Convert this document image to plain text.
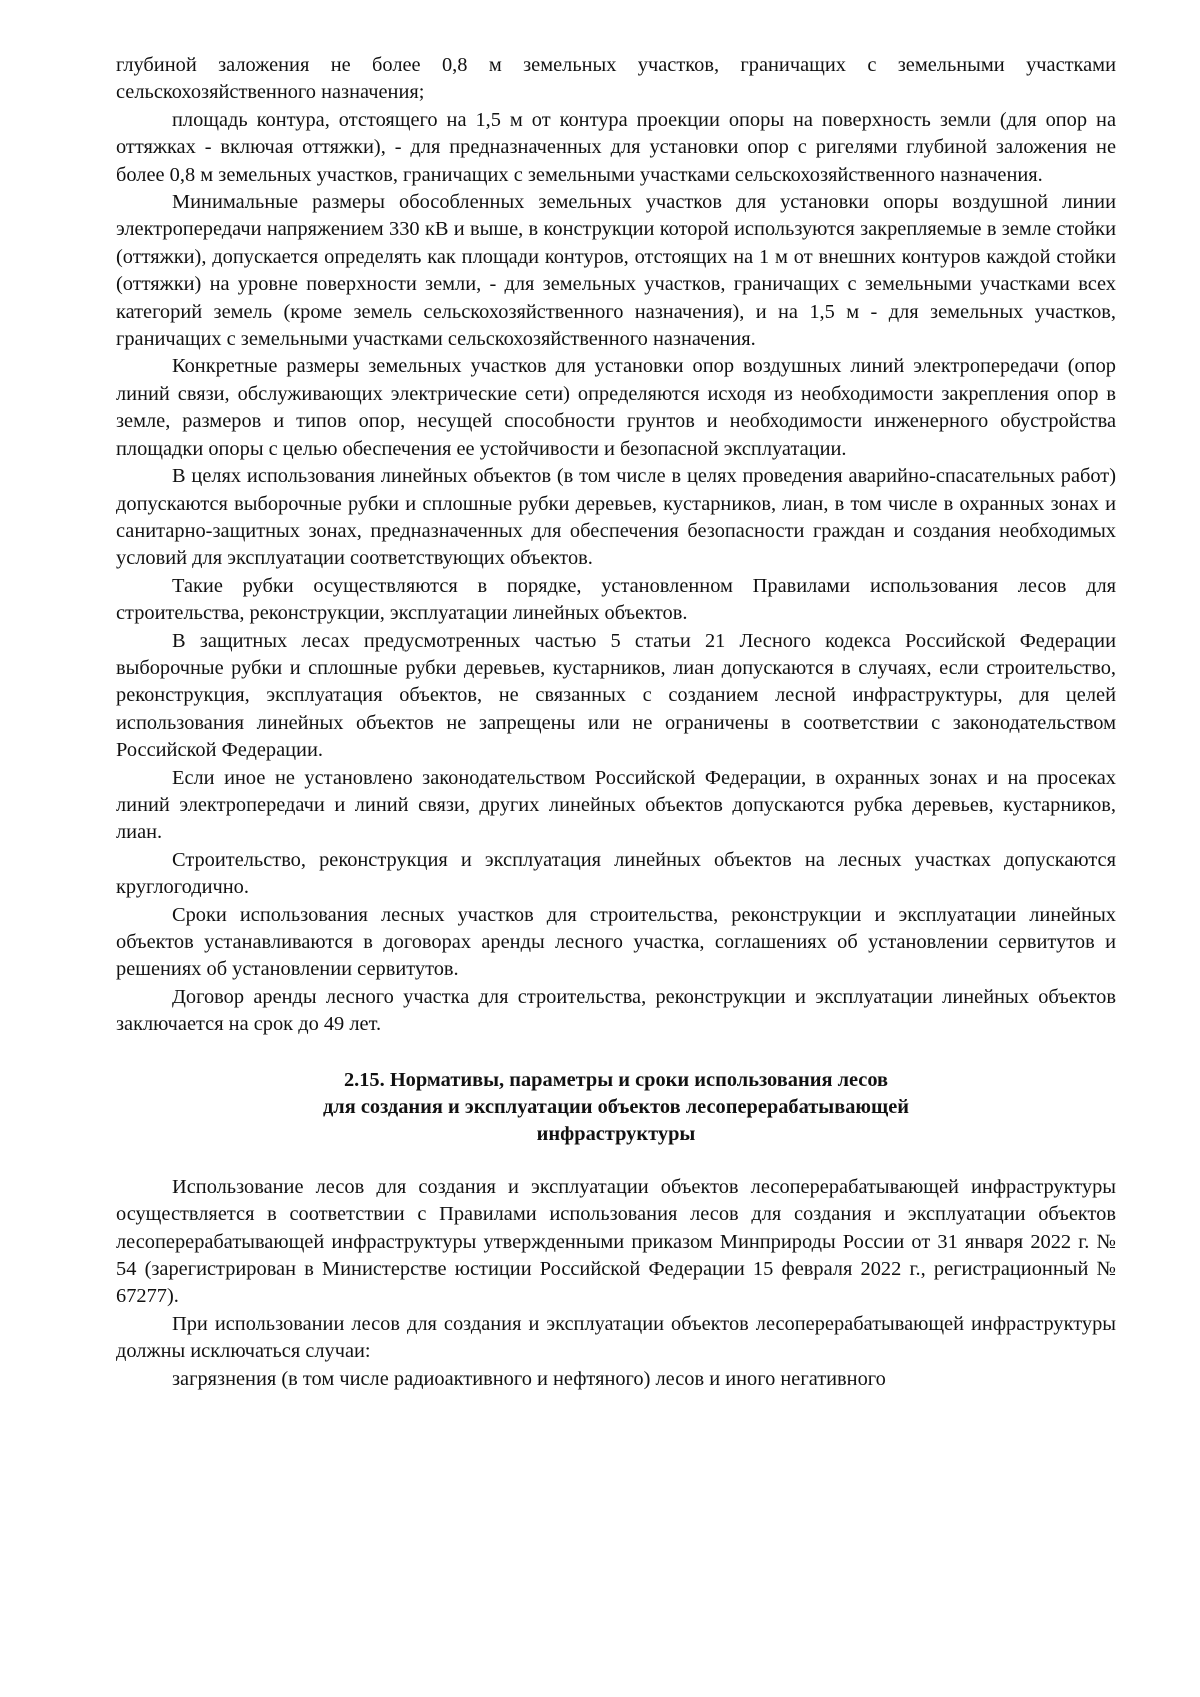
глубиной заложения не более 0,8 м земельных участков, граничащих с земельными участками сельскохозяйственного назначения;

площадь контура, отстоящего на 1,5 м от контура проекции опоры на поверхность земли (для опор на оттяжках - включая оттяжки), - для предназначенных для установки опор с ригелями глубиной заложения не более 0,8 м земельных участков, граничащих с земельными участками сельскохозяйственного назначения.

Минимальные размеры обособленных земельных участков для установки опоры воздушной линии электропередачи напряжением 330 кВ и выше, в конструкции которой используются закрепляемые в земле стойки (оттяжки), допускается определять как площади контуров, отстоящих на 1 м от внешних контуров каждой стойки (оттяжки) на уровне поверхности земли, - для земельных участков, граничащих с земельными участками всех категорий земель (кроме земель сельскохозяйственного назначения), и на 1,5 м - для земельных участков, граничащих с земельными участками сельскохозяйственного назначения.

Конкретные размеры земельных участков для установки опор воздушных линий электропередачи (опор линий связи, обслуживающих электрические сети) определяются исходя из необходимости закрепления опор в земле, размеров и типов опор, несущей способности грунтов и необходимости инженерного обустройства площадки опоры с целью обеспечения ее устойчивости и безопасной эксплуатации.

В целях использования линейных объектов (в том числе в целях проведения аварийно-спасательных работ) допускаются выборочные рубки и сплошные рубки деревьев, кустарников, лиан, в том числе в охранных зонах и санитарно-защитных зонах, предназначенных для обеспечения безопасности граждан и создания необходимых условий для эксплуатации соответствующих объектов.

Такие рубки осуществляются в порядке, установленном Правилами использования лесов для строительства, реконструкции, эксплуатации линейных объектов.

В защитных лесах предусмотренных частью 5 статьи 21 Лесного кодекса Российской Федерации выборочные рубки и сплошные рубки деревьев, кустарников, лиан допускаются в случаях, если строительство, реконструкция, эксплуатация объектов, не связанных с созданием лесной инфраструктуры, для целей использования линейных объектов не запрещены или не ограничены в соответствии с законодательством Российской Федерации.

Если иное не установлено законодательством Российской Федерации, в охранных зонах и на просеках линий электропередачи и линий связи, других линейных объектов допускаются рубка деревьев, кустарников, лиан.

Строительство, реконструкция и эксплуатация линейных объектов на лесных участках допускаются круглогодично.

Сроки использования лесных участков для строительства, реконструкции и эксплуатации линейных объектов устанавливаются в договорах аренды лесного участка, соглашениях об установлении сервитутов и решениях об установлении сервитутов.

Договор аренды лесного участка для строительства, реконструкции и эксплуатации линейных объектов заключается на срок до 49 лет.

2.15. Нормативы, параметры и сроки использования лесов
для создания и эксплуатации объектов лесоперерабатывающей
инфраструктуры

Использование лесов для создания и эксплуатации объектов лесоперерабатывающей инфраструктуры осуществляется в соответствии с Правилами использования лесов для создания и эксплуатации объектов лесоперерабатывающей инфраструктуры утвержденными приказом Минприроды России от 31 января 2022 г. № 54 (зарегистрирован в Министерстве юстиции Российской Федерации 15 февраля 2022 г., регистрационный № 67277).

При использовании лесов для создания и эксплуатации объектов лесоперерабатывающей инфраструктуры должны исключаться случаи:

загрязнения (в том числе радиоактивного и нефтяного) лесов и иного негативного
